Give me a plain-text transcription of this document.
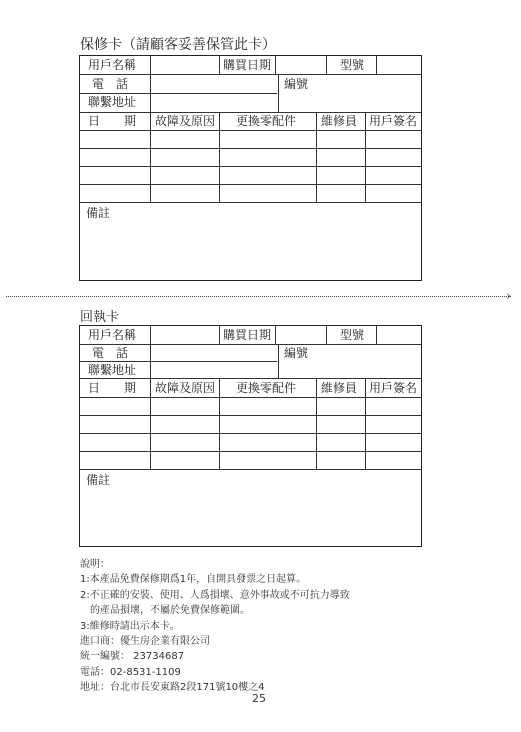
保修卡（請顧客妥善保管此卡）
用戶名稱	購買日期	型號
電　話	編號
聯繫地址
日　　期 故障及原因 更換零配件 維修員 用戶簽名
備註
›
回執卡
用戶名稱	購買日期	型號
電　話	編號
聯繫地址
日　　期 故障及原因 更換零配件 維修員 用戶簽名
備註
說明：
1:本產品免費保修期爲1年，自開具發票之日起算。
2:不正確的安裝、使用、人爲損壞、意外事故或不可抗力導致
　的產品損壞，不屬於免費保修範圍。
3:維修時請出示本卡。
進口商：優生房企業有限公司
統一編號： 23734687
電話：02-8531-1109
地址：台北市長安東路2段171號10樓之4
25
